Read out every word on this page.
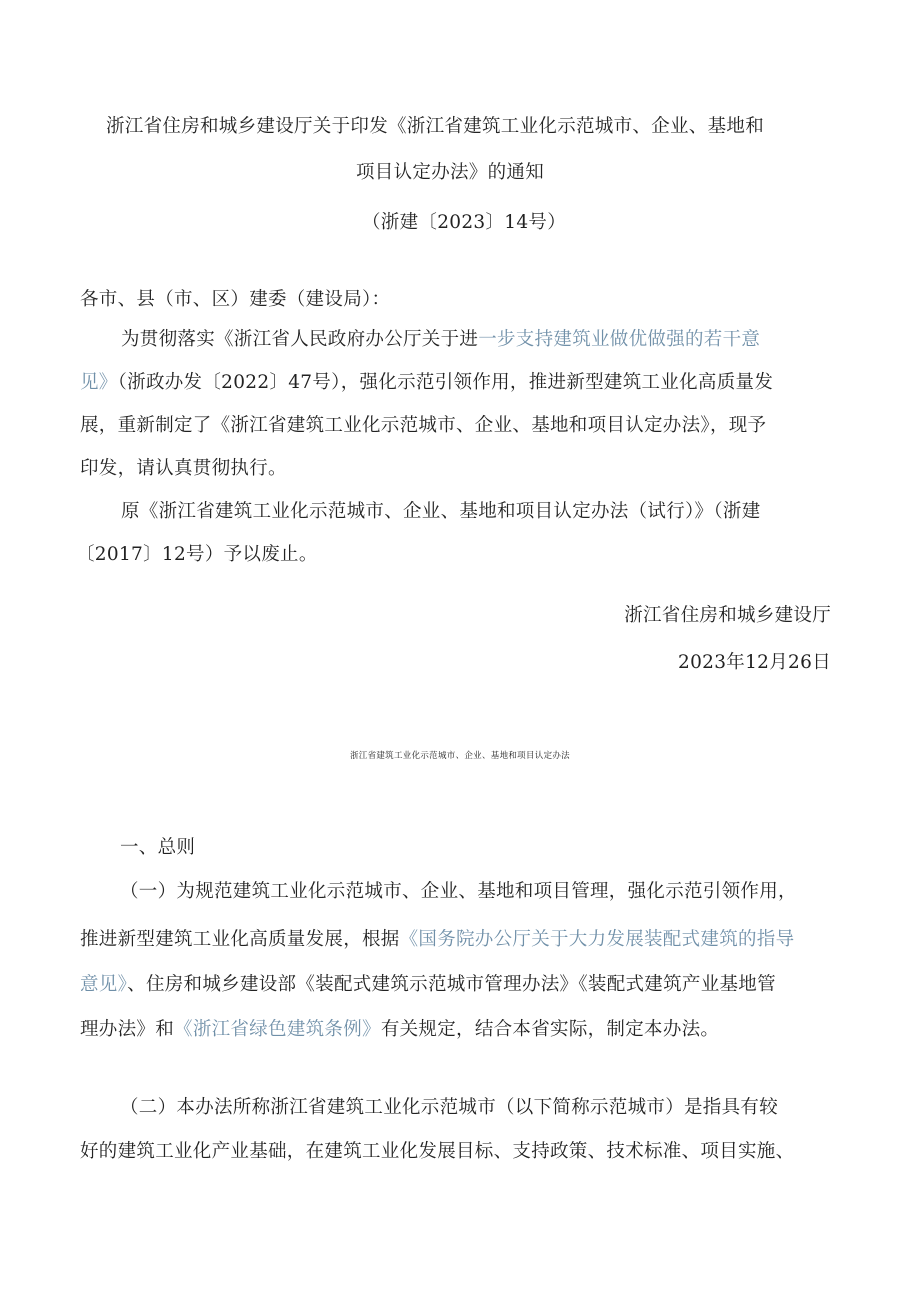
浙江省住房和城乡建设厅关于印发《浙江省建筑工业化示范城市、企业、基地和
项目认定办法》的通知
（浙建〔2023〕14号）
各市、县（市、区）建委（建设局）：
为贯彻落实《浙江省人民政府办公厅关于进一步支持建筑业做优做强的若干意
见》（浙政办发〔2022〕47号），强化示范引领作用，推进新型建筑工业化高质量发
展，重新制定了《浙江省建筑工业化示范城市、企业、基地和项目认定办法》，现予
印发，请认真贯彻执行。
原《浙江省建筑工业化示范城市、企业、基地和项目认定办法（试行）》（浙建
〔2017〕12号）予以废止。
浙江省住房和城乡建设厅
2023年12月26日
浙江省建筑工业化示范城市、企业、基地和项目认定办法
一、总则
（一）为规范建筑工业化示范城市、企业、基地和项目管理，强化示范引领作用，
推进新型建筑工业化高质量发展，根据《国务院办公厅关于大力发展装配式建筑的指导
意见》、住房和城乡建设部《装配式建筑示范城市管理办法》《装配式建筑产业基地管
理办法》和《浙江省绿色建筑条例》有关规定，结合本省实际，制定本办法。
（二）本办法所称浙江省建筑工业化示范城市（以下简称示范城市）是指具有较
好的建筑工业化产业基础，在建筑工业化发展目标、支持政策、技术标准、项目实施、
